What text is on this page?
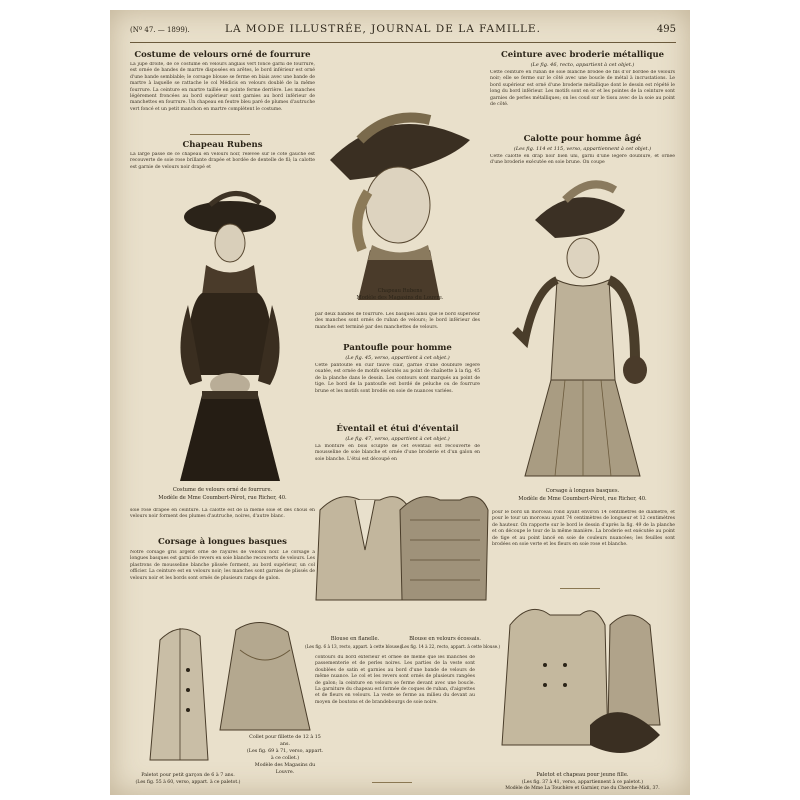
(Nº 47. — 1899).	LA MODE ILLUSTRÉE, JOURNAL DE LA FAMILLE.	495
Costume de velours orné de fourrure
La jupe droite, de ce costume en velours anglais vert foncé garni de fourrure, est ornée de bandes de martre disposées en arêtes, le bord inférieur est orné d'une bande semblable; le corsage blouse se ferme en biais avec une bande de martre à laquelle se rattache le col Médicis en velours doublé de la même fourrure. La ceinture en martre taillée en pointe ferme derrière. Les manches légèrement froncées au bord supérieur sont garnies au bord inférieur de manchettes en fourrure. Un chapeau en feutre bleu paré de plumes d'autruche vert foncé et un petit manchon en martre complètent le costume.
Chapeau Rubens
La large passe de ce chapeau en velours noir, relevée sur le côté gauche est recouverte de soie rose brillante drapée et bordée de dentelle de fil; la calotte est garnie de velours noir drapé et
Costume de velours orné de fourrure.
Modèle de Mme Coumbert-Pérot, rue Richer, 40.
soie rose drapée en ceinture. La calotte est de la même soie et des chous en velours noir forment des plumes d'autruche, noires, d'autre blanc.
Corsage à longues basques
Notre corsage gris argent orné de rayures de velours noir. Le corsage à longues basques est garni de revers en soie blanche recouverts de velours. Les plastrons de mousseline blanche plissée forment, au bord supérieur, un col officier. La ceinture est en velours noir; les manches sont garnies de plissés de velours noir et les bords sont ornés de plusieurs rangs de galon.
Collet pour fillette de 12 à 15 ans.
(Les fig. 69 à 71, verso, appart. à ce collet.)
Modèle des Magasins du Louvre.
Paletot pour petit garçon de 6 à 7 ans.
(Les fig. 55 à 60, verso, appart. à ce paletot.)
Chapeau Rubens
Modèle des Magasins du Louvre.
par deux bandes de fourrure. Les basques ainsi que le bord supérieur des manches sont ornés de ruban de velours; le bord inférieur des manches est terminé par des manchettes de velours.
Pantoufle pour homme
(Le fig. 45, verso, appartient à cet objet.)
Cette pantoufle en cuir fauve clair, garnie d'une doublure légère ouatée, est ornée de motifs exécutés au point de chaînette à la fig. 45 de la planche dans le dessin. Les contours sont marqués au point de tige. Le bord de la pantoufle est bordé de peluche ou de fourrure brune et les motifs sont brodés en soie de nuances variées.
Éventail et étui d'éventail
(Le fig. 47, verso, appartient à cet objet.)
La monture en bois sculpté de cet éventail est recouverte de mousseline de soie blanche et ornée d'une broderie et d'un galon en soie blanche. L'étui est découpé en
Blouse en flanelle.	Blouse en velours écossais.
(Les fig. 6 à 13, recto, appart. à cette blouse.)
(Les fig. 14 à 22, recto, appart. à cette blouse.)
contours du bord extérieur et ornée de même que les manches de passementerie et de perles noires. Les parties de la veste sont doublées de satin et garnies au bord d'une bande de velours de même nuance. Le col et les revers sont ornés de plusieurs rangées de galon; la ceinture en velours se ferme devant avec une boucle. La garniture du chapeau est formée de coques de ruban, d'aigrettes et de fleurs en velours. La veste se ferme au milieu du devant au moyen de boutons et de brandebourgs de soie noire.
Ceinture avec broderie métallique
(Le fig. 46, recto, appartient à cet objet.)
Cette ceinture en ruban de soie blanche brodée de fils d'or bordée de velours noir; elle se ferme sur le côté avec une boucle de métal à incrustations. Le bord supérieur est orné d'une broderie métallique dont le dessin est répété le long du bord inférieur. Les motifs sont en or et les pointes de la ceinture sont garnies de perles métalliques; on les coud sur le tissu avec de la soie au point de côté.
Calotte pour homme âgé
(Les fig. 114 et 115, verso, appartiennent à cet objet.)
Cette calotte en drap noir bien uni, garni d'une légère doublure, et ornée d'une broderie exécutée en soie brune. On coupe
Corsage à longues basques.
Modèle de Mme Coumbert-Pérot, rue Richer, 40.
pour le bord un morceau rond ayant environ 14 centimètres de diamètre, et pour le tour un morceau ayant 74 centimètres de longueur et 12 centimètres de hauteur. On rapporte sur le bord le dessin d'après la fig. 49 de la planche et on découpe le tour de la même manière. La broderie est exécutée au point de tige et au point lancé en soie de couleurs nuancées; les feuilles sont brodées en soie verte et les fleurs en soie rose et blanche.
Paletot et chapeau pour jeune fille.
(Les fig. 37 à 41, verso, appartiennent à ce paletot.)
Modèle de Mme La Touchère et Garnier, rue du Cherche-Midi, 37.
